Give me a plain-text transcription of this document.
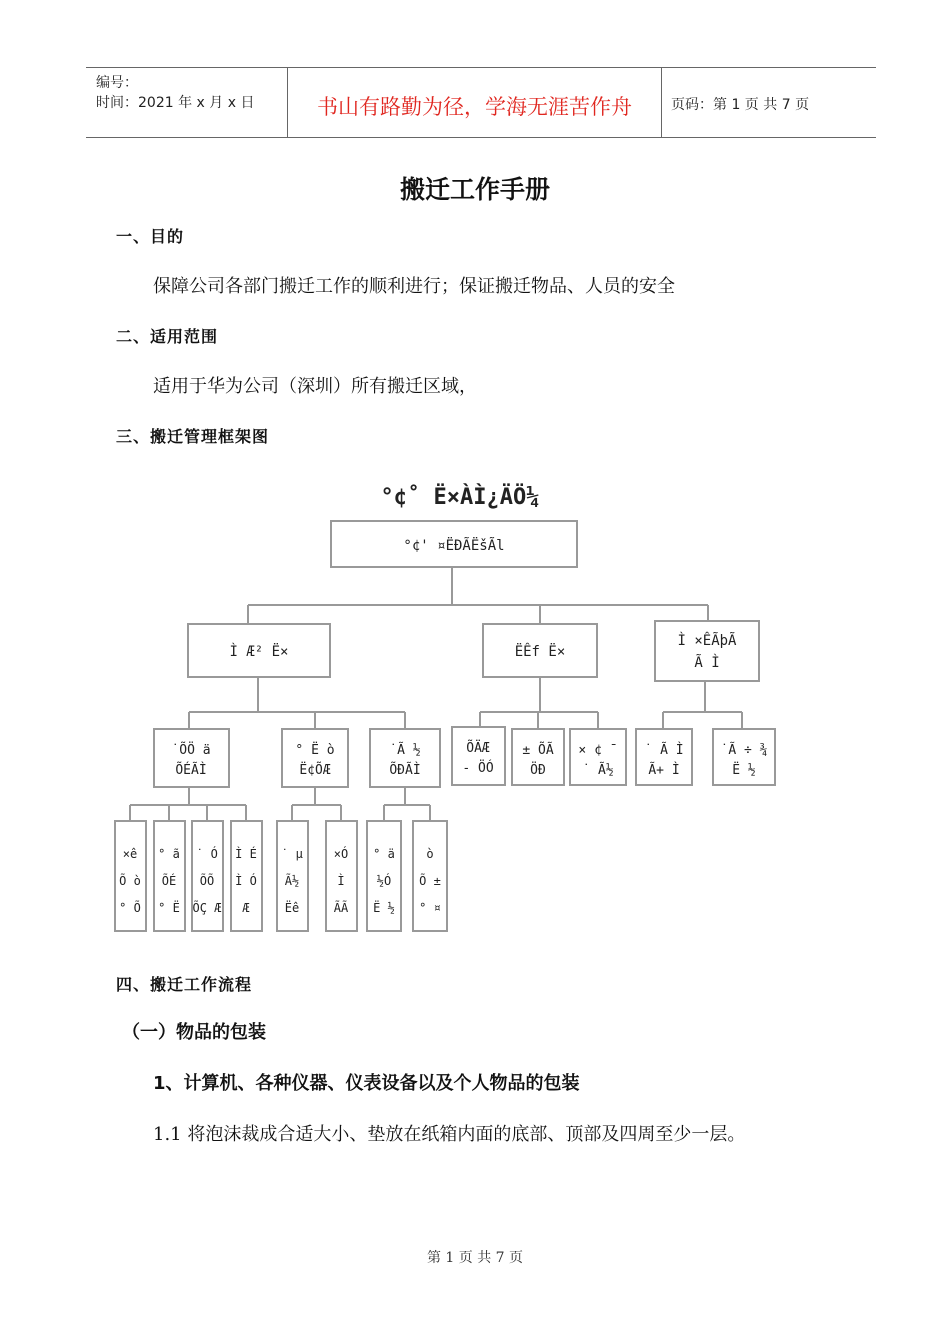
编号：
时间：2021 年 x 月 x 日	书山有路勤为径，学海无涯苦作舟	页码：第 1 页 共 7 页
搬迁工作手册
一、目的
保障公司各部门搬迁工作的顺利进行；保证搬迁物品、人员的安全
二、适用范围
适用于华为公司（深圳）所有搬迁区域，
三、搬迁管理框架图
°¢˚ Ë×ÀÌ¿ÄÖ¼
°¢' ¤ËÐÃËšÃl
Ì Æ² Ë×	ËÊf Ë×
Ì ×ÊÃþÃ
Ã Ì
˙ÕÖ ä
ÕÉÃÌ
° Ë ò
Ë¢ÕÆ
˙Ã ½
ÕÐÃÌ
ÕÄÆ
- ÖÓ
± ÕÃ
ÖÐ
× ¢ ¯
˙ Ã½
˙ Ã Ì
Ã+ Ì
˙Ã ÷ ¾
Ë ½
×ê
Õ ò
° Õ
° ã
ÕÉ
° Ë
˙ Ó
ÕÕ
ÕÇ Æ
Ì É
Ì Ó
Æ
˙ µ
Ã½
Ëê
×Ó
Ì
ÃÃ
° ä
½Ó
Ë ½
ò
Õ ±
° ¤
四、搬迁工作流程
（一）物品的包装
1、计算机、各种仪器、仪表设备以及个人物品的包装
1.1 将泡沫裁成合适大小、垫放在纸箱内面的底部、顶部及四周至少一层。
第 1 页 共 7 页
